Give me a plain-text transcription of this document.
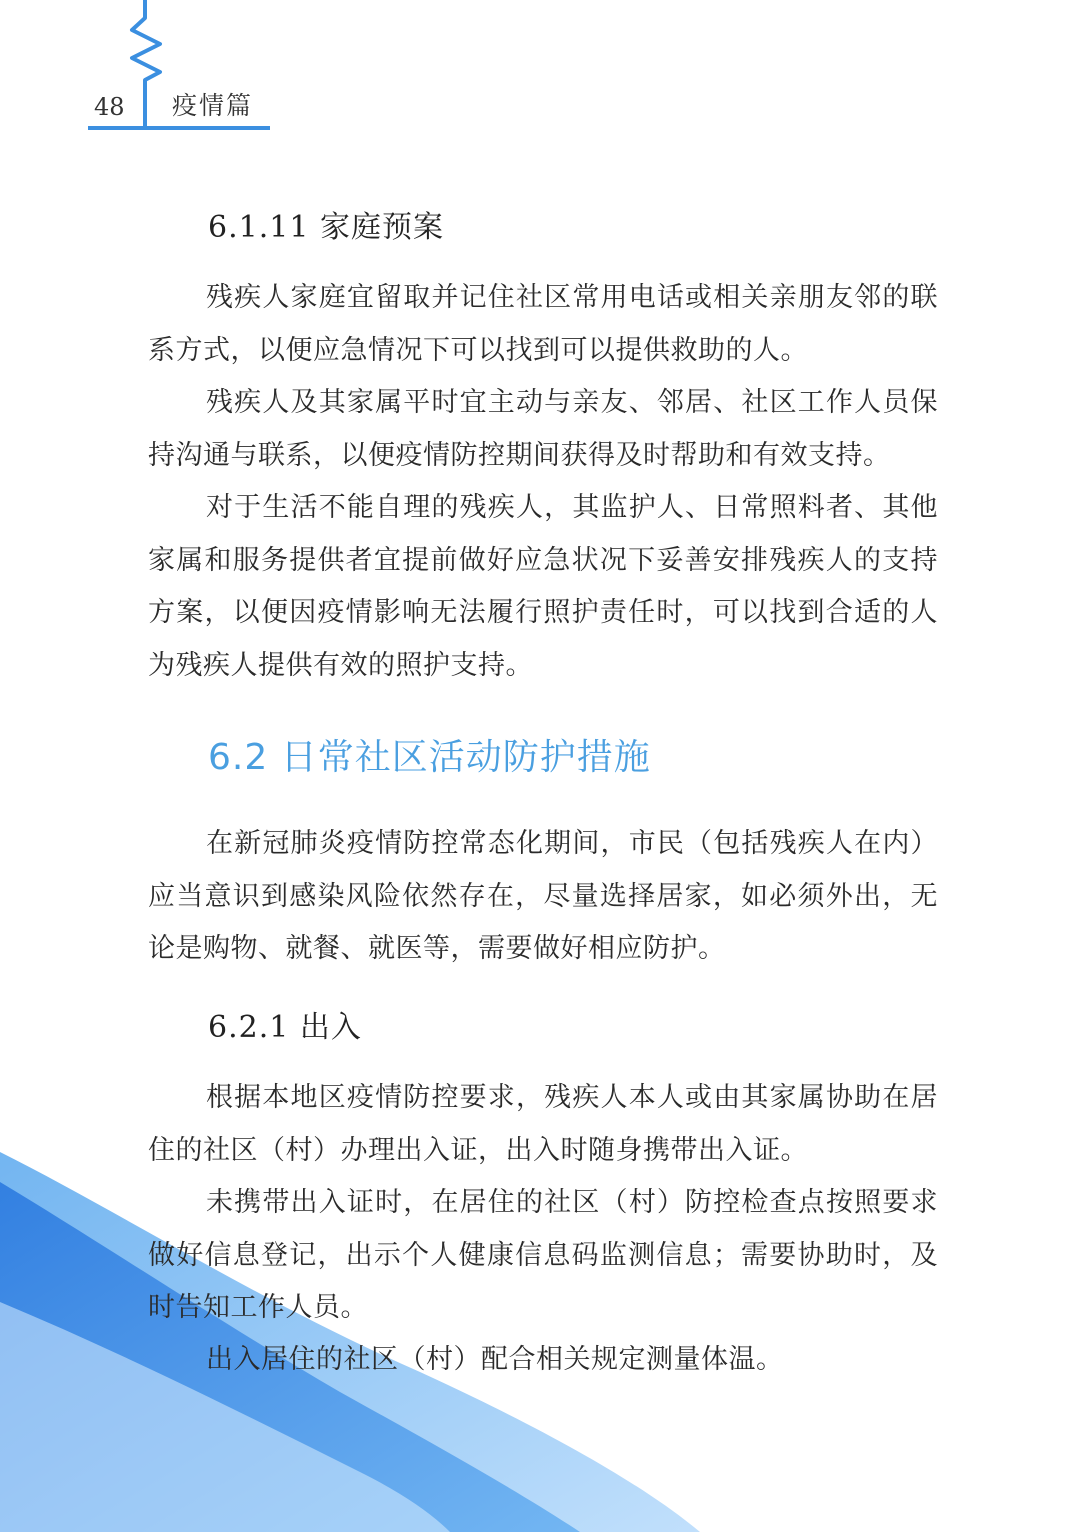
48 疫情篇
6.1.11 家庭预案

残疾人家庭宜留取并记住社区常用电话或相关亲朋友邻的联系方式，以便应急情况下可以找到可以提供救助的人。

残疾人及其家属平时宜主动与亲友、邻居、社区工作人员保持沟通与联系，以便疫情防控期间获得及时帮助和有效支持。

对于生活不能自理的残疾人，其监护人、日常照料者、其他家属和服务提供者宜提前做好应急状况下妥善安排残疾人的支持方案，以便因疫情影响无法履行照护责任时，可以找到合适的人为残疾人提供有效的照护支持。

6.2 日常社区活动防护措施

在新冠肺炎疫情防控常态化期间，市民（包括残疾人在内）应当意识到感染风险依然存在，尽量选择居家，如必须外出，无论是购物、就餐、就医等，需要做好相应防护。

6.2.1 出入

根据本地区疫情防控要求，残疾人本人或由其家属协助在居住的社区（村）办理出入证，出入时随身携带出入证。

未携带出入证时，在居住的社区（村）防控检查点按照要求做好信息登记，出示个人健康信息码监测信息；需要协助时，及时告知工作人员。

出入居住的社区（村）配合相关规定测量体温。
